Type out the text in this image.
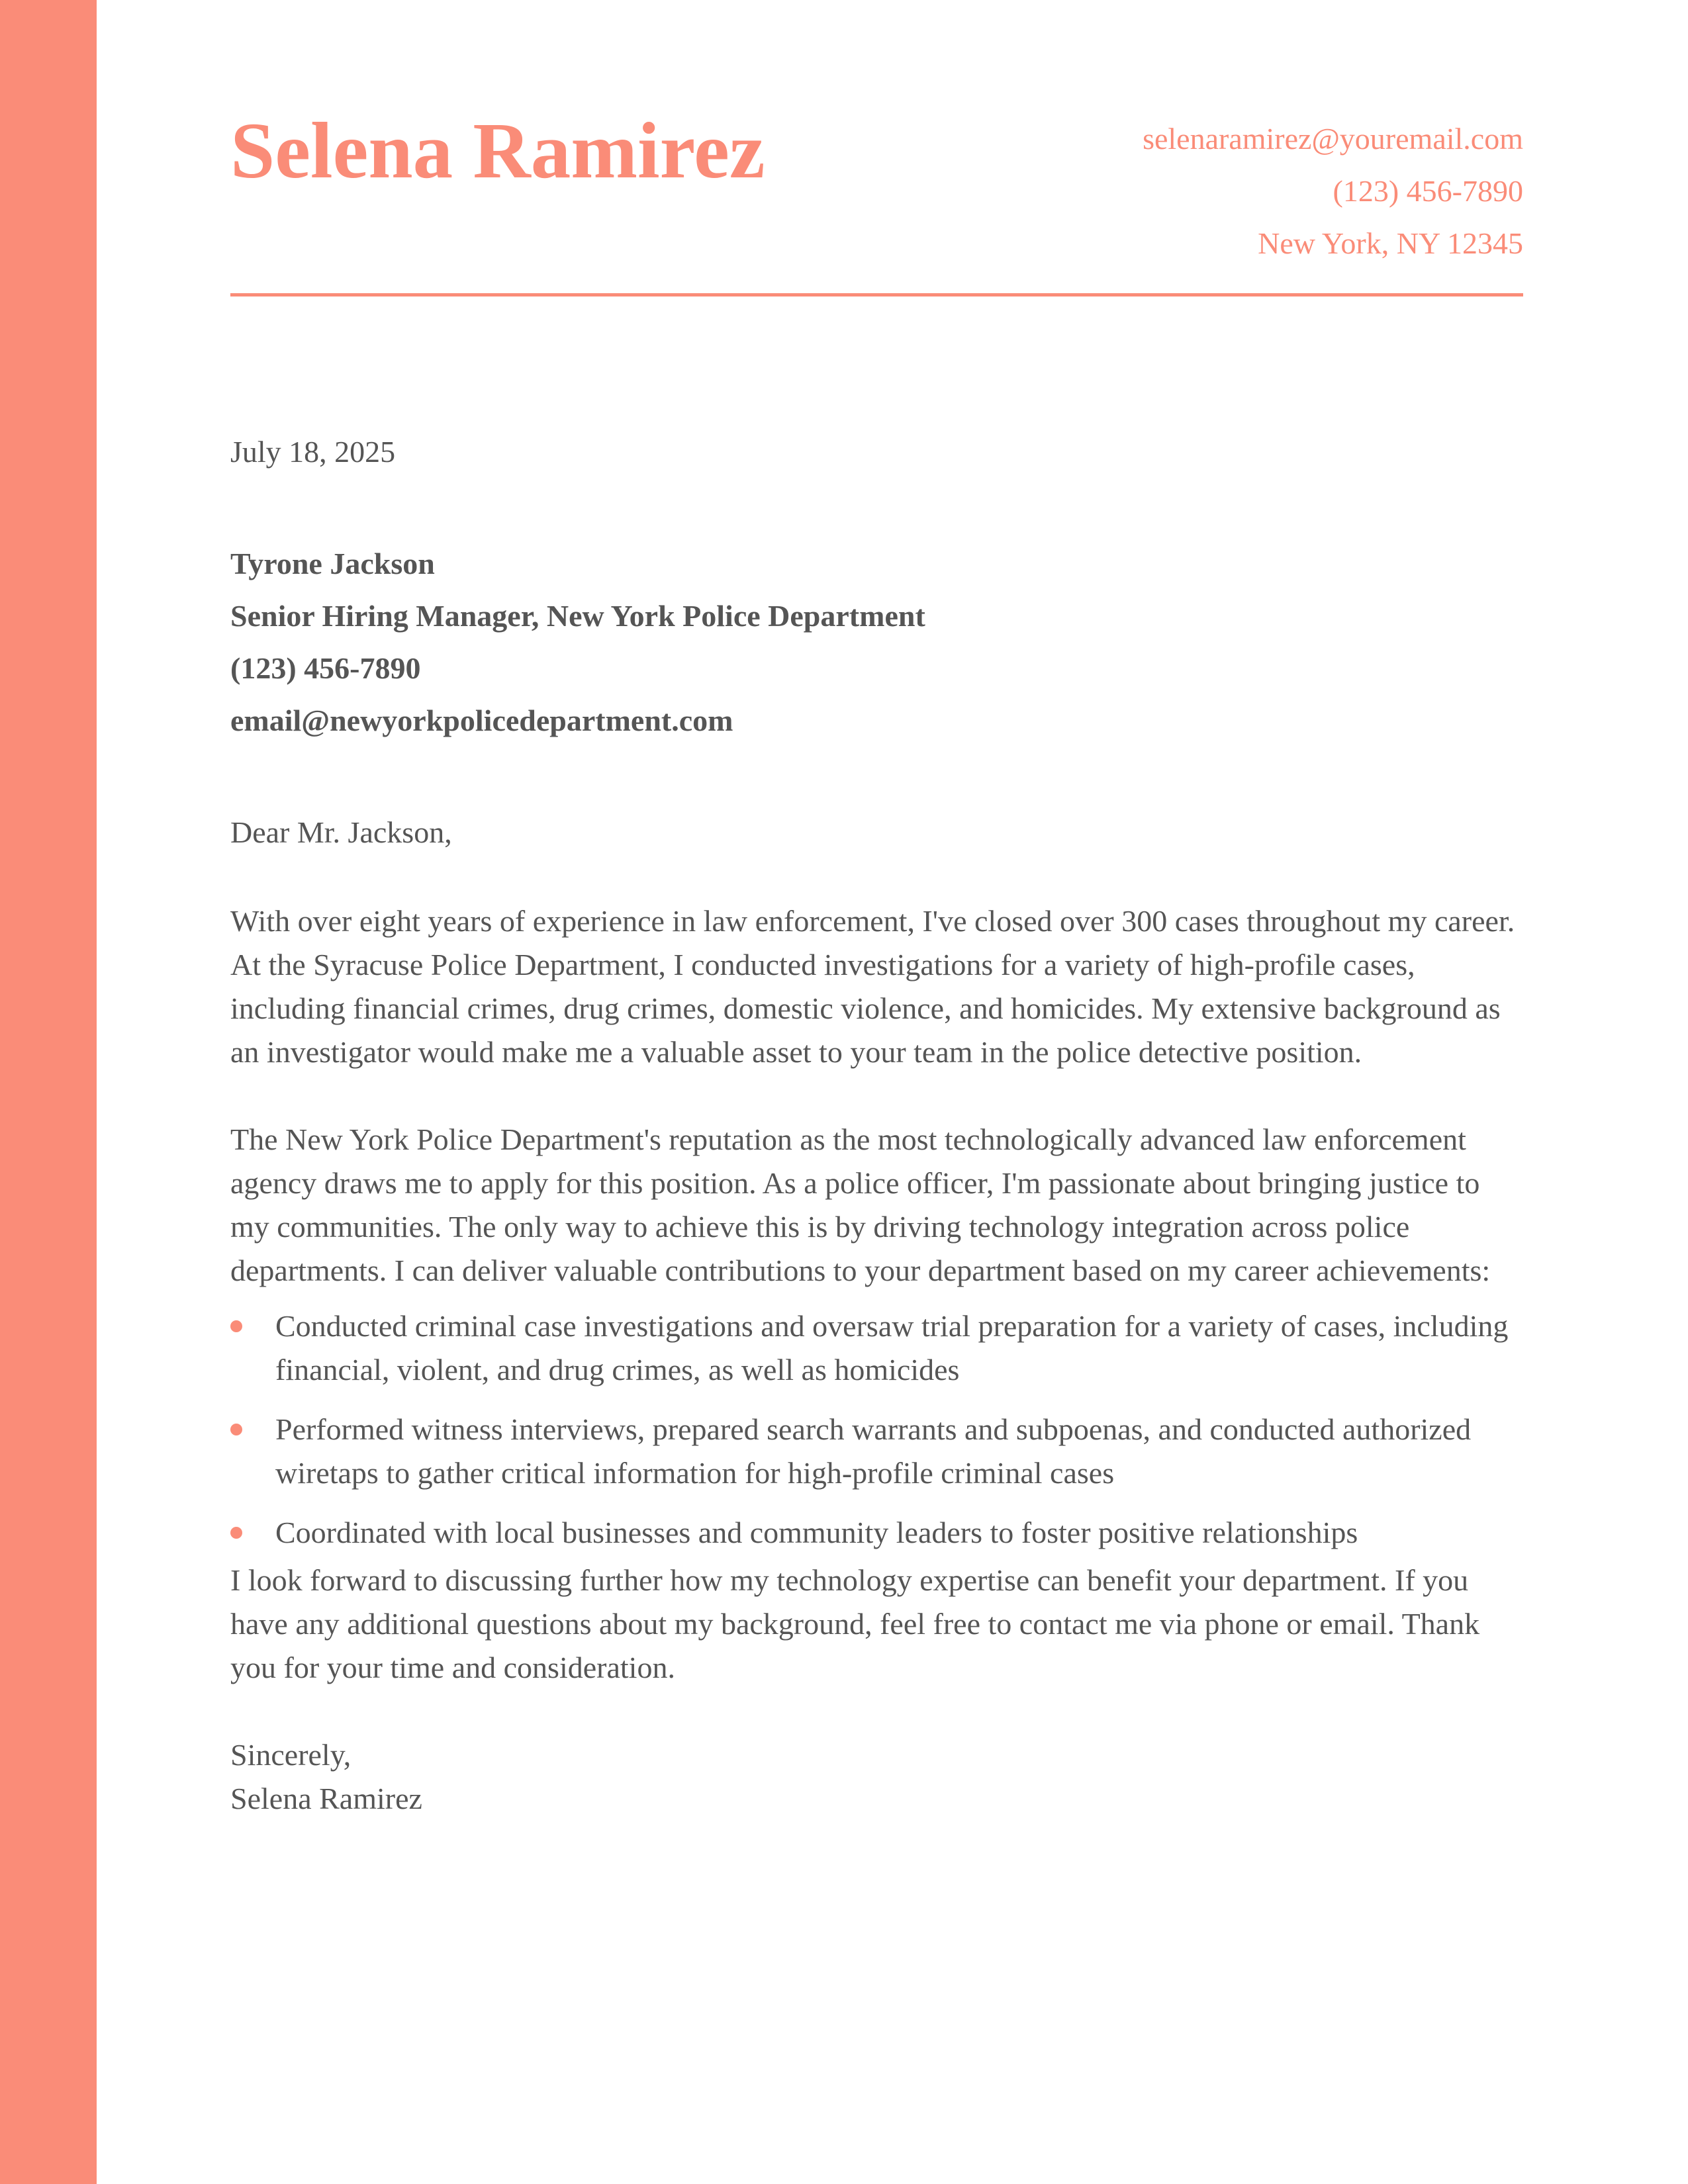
Selena Ramirez	selenaramirez@youremail.com
(123) 456-7890
New York, NY 12345
July 18, 2025
Tyrone Jackson
Senior Hiring Manager, New York Police Department
(123) 456-7890
email@newyorkpolicedepartment.com

Dear Mr. Jackson,

With over eight years of experience in law enforcement, I've closed over 300 cases throughout my career. At the Syracuse Police Department, I conducted investigations for a variety of high-profile cases, including financial crimes, drug crimes, domestic violence, and homicides. My extensive background as an investigator would make me a valuable asset to your team in the police detective position.

The New York Police Department's reputation as the most technologically advanced law enforcement agency draws me to apply for this position. As a police officer, I'm passionate about bringing justice to my communities. The only way to achieve this is by driving technology integration across police departments. I can deliver valuable contributions to your department based on my career achievements:

Conducted criminal case investigations and oversaw trial preparation for a variety of cases, including financial, violent, and drug crimes, as well as homicides
Performed witness interviews, prepared search warrants and subpoenas, and conducted authorized wiretaps to gather critical information for high-profile criminal cases
Coordinated with local businesses and community leaders to foster positive relationships

I look forward to discussing further how my technology expertise can benefit your department. If you have any additional questions about my background, feel free to contact me via phone or email. Thank you for your time and consideration.

Sincerely,
Selena Ramirez
